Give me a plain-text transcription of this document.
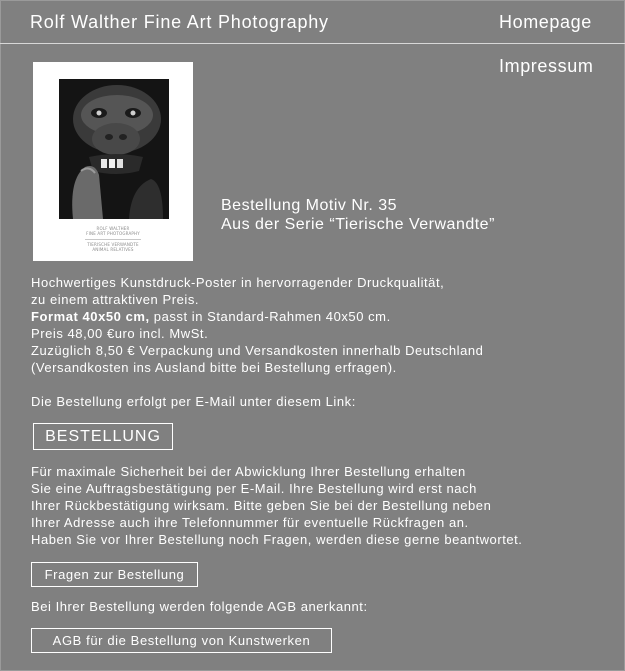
Rolf Walther Fine Art Photography	Homepage
Impressum
ROLF WALTHER
FINE ART PHOTOGRAPHY
TIERISCHE VERWANDTE
ANIMAL RELATIVES
Bestellung Motiv Nr. 35
Aus der Serie “Tierische Verwandte”
Hochwertiges Kunstdruck-Poster in hervorragender Druckqualität,
zu einem attraktiven Preis.
Format 40x50 cm, passt in Standard-Rahmen 40x50 cm.
Preis 48,00 €uro incl. MwSt.
Zuzüglich 8,50 € Verpackung und Versandkosten innerhalb Deutschland
(Versandkosten ins Ausland bitte bei Bestellung erfragen).
Die Bestellung erfolgt per E-Mail unter diesem Link:
BESTELLUNG
Für maximale Sicherheit bei der Abwicklung Ihrer Bestellung erhalten
Sie eine Auftragsbestätigung per E-Mail. Ihre Bestellung wird erst nach
Ihrer Rückbestätigung wirksam. Bitte geben Sie bei der Bestellung neben
Ihrer Adresse auch ihre Telefonnummer für eventuelle Rückfragen an.
Haben Sie vor Ihrer Bestellung noch Fragen, werden diese gerne beantwortet.
Fragen zur Bestellung
Bei Ihrer Bestellung werden folgende AGB anerkannt:
AGB für die Bestellung von Kunstwerken
